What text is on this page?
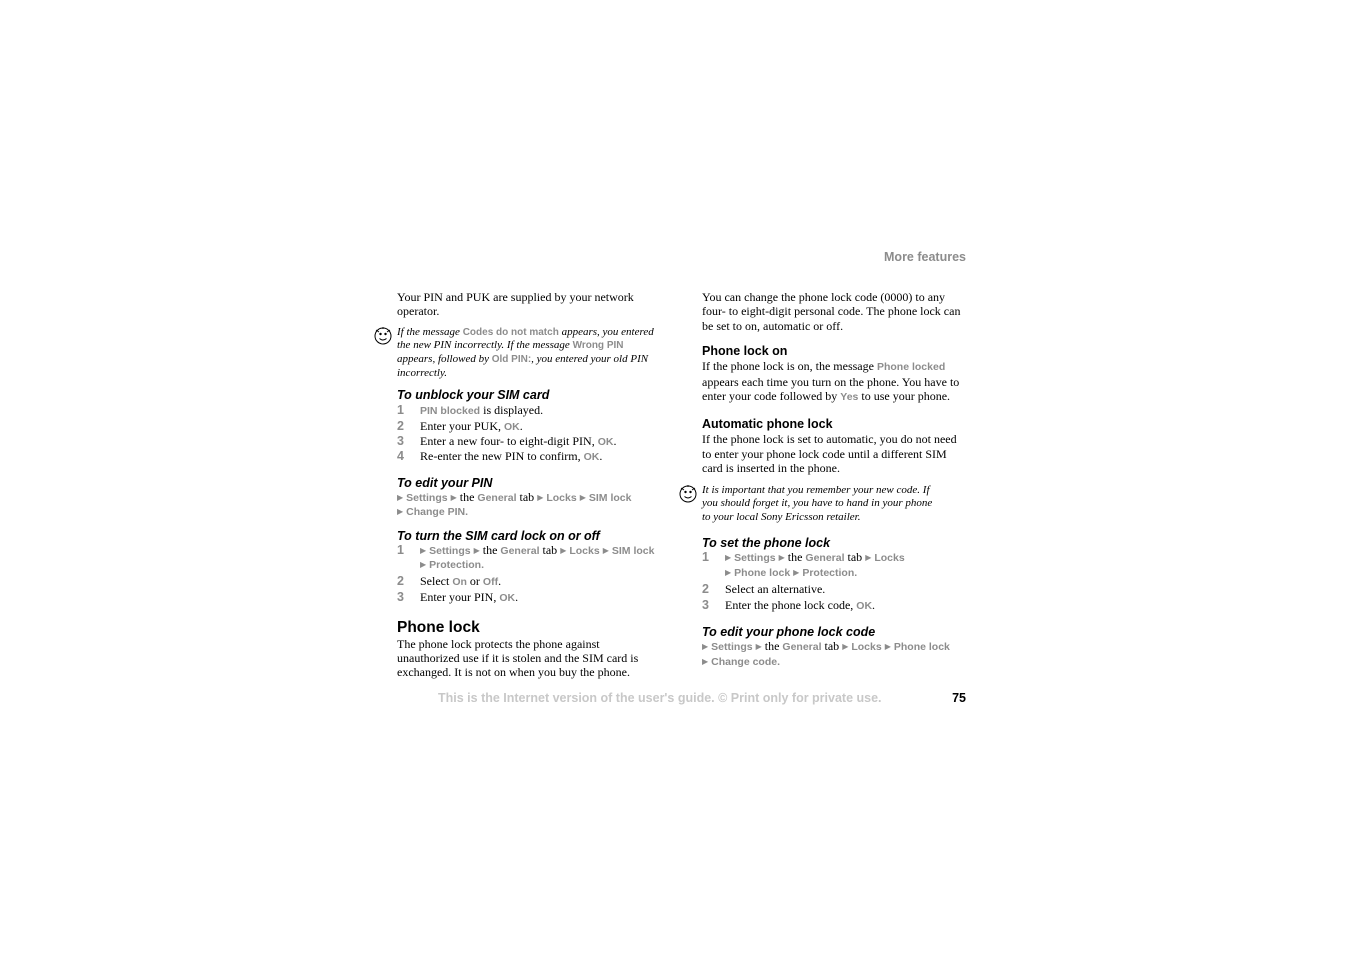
More features

Your PIN and PUK are supplied by your network operator.

If the message Codes do not match appears, you entered the new PIN incorrectly. If the message Wrong PIN appears, followed by Old PIN:, you entered your old PIN incorrectly.
To unblock your SIM card
1 PIN blocked is displayed.
2 Enter your PUK, OK.
3 Enter a new four- to eight-digit PIN, OK.
4 Re-enter the new PIN to confirm, OK.
To edit your PIN

▶ Settings ▶ the General tab ▶ Locks ▶ SIM lock
▶ Change PIN.

To turn the SIM card lock on or off
1 ▶ Settings ▶ the General tab ▶ Locks ▶ SIM lock
▶ Protection.
2 Select On or Off.
3 Enter your PIN, OK.
Phone lock

The phone lock protects the phone against unauthorized use if it is stolen and the SIM card is exchanged. It is not on when you buy the phone.

You can change the phone lock code (0000) to any four- to eight-digit personal code. The phone lock can be set to on, automatic or off.

Phone lock on

If the phone lock is on, the message Phone locked appears each time you turn on the phone. You have to enter your code followed by Yes to use your phone.

Automatic phone lock

If the phone lock is set to automatic, you do not need to enter your phone lock code until a different SIM card is inserted in the phone.

It is important that you remember your new code. If you should forget it, you have to hand in your phone to your local Sony Ericsson retailer.
To set the phone lock
1 ▶ Settings ▶ the General tab ▶ Locks
▶ Phone lock ▶ Protection.
2 Select an alternative.
3 Enter the phone lock code, OK.
To edit your phone lock code

▶ Settings ▶ the General tab ▶ Locks ▶ Phone lock
▶ Change code.

This is the Internet version of the user's guide. © Print only for private use.	75
